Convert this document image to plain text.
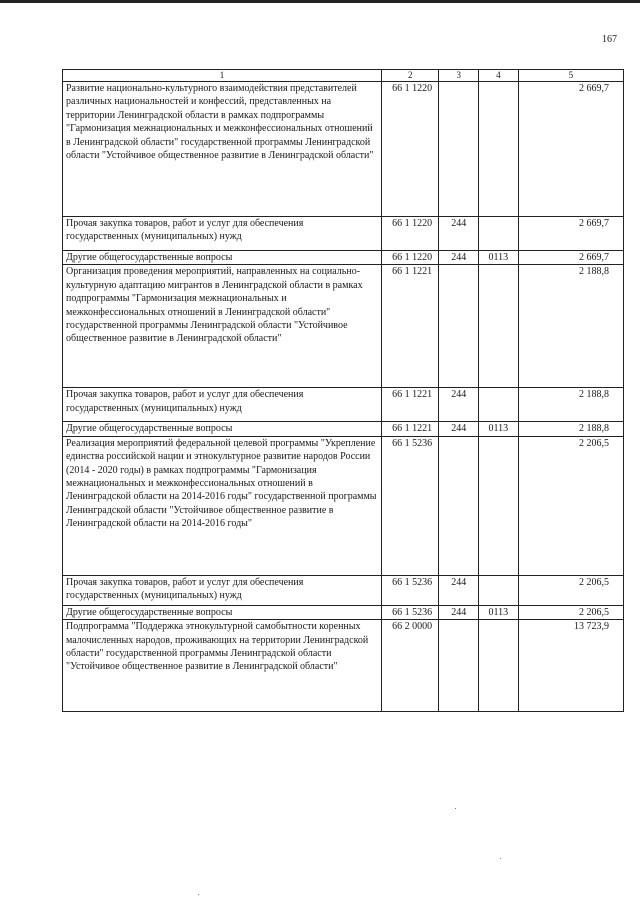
167
1	2	3	4	5

Развитие национально-культурного взаимодействия представителей различных национальностей и конфессий, представленных на территории Ленинградской области в рамках подпрограммы "Гармонизация межнациональных и межконфессиональных отношений в Ленинградской области" государственной программы Ленинградской области "Устойчивое общественное развитие в Ленинградской области"	66 1 1220			2 669,7

Прочая закупка товаров, работ и услуг для обеспечения государственных (муниципальных) нужд	66 1 1220	244		2 669,7

Другие общегосударственные вопросы	66 1 1220	244	0113	2 669,7

Организация проведения мероприятий, направленных на социально-культурную адаптацию мигрантов в Ленинградской области в рамках подпрограммы "Гармонизация межнациональных и межконфессиональных отношений в Ленинградской области" государственной программы Ленинградской области "Устойчивое общественное развитие в Ленинградской области"	66 1 1221			2 188,8

Прочая закупка товаров, работ и услуг для обеспечения государственных (муниципальных) нужд	66 1 1221	244		2 188,8

Другие общегосударственные вопросы	66 1 1221	244	0113	2 188,8

Реализация мероприятий федеральной целевой программы "Укрепление единства российской нации и этнокультурное развитие народов России (2014 - 2020 годы) в рамках подпрограммы "Гармонизация межнациональных и межконфессиональных отношений в Ленинградской области на 2014-2016 годы" государственной программы Ленинградской области "Устойчивое общественное развитие в Ленинградской области на 2014-2016 годы"	66 1 5236			2 206,5

Прочая закупка товаров, работ и услуг для обеспечения государственных (муниципальных) нужд	66 1 5236	244		2 206,5

Другие общегосударственные вопросы	66 1 5236	244	0113	2 206,5

Подпрограмма "Поддержка этнокультурной самобытности коренных малочисленных народов, проживающих на территории Ленинградской области" государственной программы Ленинградской области "Устойчивое общественное развитие в Ленинградской области"	66 2 0000			13 723,9
